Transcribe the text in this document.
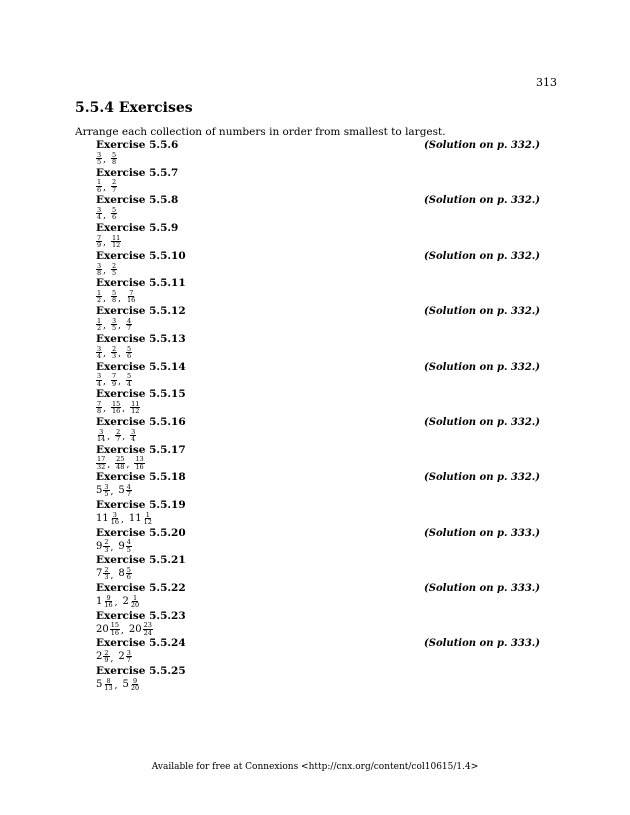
313
5.5.4 Exercises
Arrange each collection of numbers in order from smallest to largest.
Exercise 5.5.6	(Solution on p. 332.)
$\frac{3}{5}$ , $\frac{5}{8}$
Exercise 5.5.7
$\frac{1}{6}$ , $\frac{2}{7}$
Exercise 5.5.8	(Solution on p. 332.)
$\frac{3}{4}$ , $\frac{5}{6}$
Exercise 5.5.9
$\frac{7}{9}$ , $\frac{11}{12}$
Exercise 5.5.10	(Solution on p. 332.)
$\frac{3}{8}$ , $\frac{2}{5}$
Exercise 5.5.11
$\frac{1}{2}$ , $\frac{5}{8}$ , $\frac{7}{16}$
Exercise 5.5.12	(Solution on p. 332.)
$\frac{1}{2}$ , $\frac{3}{5}$ , $\frac{4}{7}$
Exercise 5.5.13
$\frac{3}{4}$ , $\frac{2}{3}$ , $\frac{5}{6}$
Exercise 5.5.14	(Solution on p. 332.)
$\frac{3}{4}$ , $\frac{7}{9}$ , $\frac{5}{4}$
Exercise 5.5.15
$\frac{7}{8}$ , $\frac{15}{16}$ , $\frac{11}{12}$
Exercise 5.5.16	(Solution on p. 332.)
$\frac{3}{14}$ , $\frac{2}{7}$ , $\frac{3}{4}$
Exercise 5.5.17
$\frac{17}{32}$ , $\frac{25}{48}$ , $\frac{13}{16}$
Exercise 5.5.18	(Solution on p. 332.)
$5 \frac{3}{5}$ , $5 \frac{4}{7}$
Exercise 5.5.19
$11 \frac{3}{16}$ , $11 \frac{1}{12}$
Exercise 5.5.20	(Solution on p. 333.)
$9 \frac{2}{3}$ , $9 \frac{4}{5}$
Exercise 5.5.21
$7 \frac{2}{3}$ , $8 \frac{5}{6}$
Exercise 5.5.22	(Solution on p. 333.)
$1 \frac{9}{16}$ , $2 \frac{1}{20}$
Exercise 5.5.23
$20 \frac{15}{16}$ , $20 \frac{23}{24}$
Exercise 5.5.24	(Solution on p. 333.)
$2 \frac{2}{9}$ , $2 \frac{3}{7}$
Exercise 5.5.25
$5 \frac{8}{13}$ , $5 \frac{9}{20}$
Available for free at Connexions <http://cnx.org/content/col10615/1.4>
